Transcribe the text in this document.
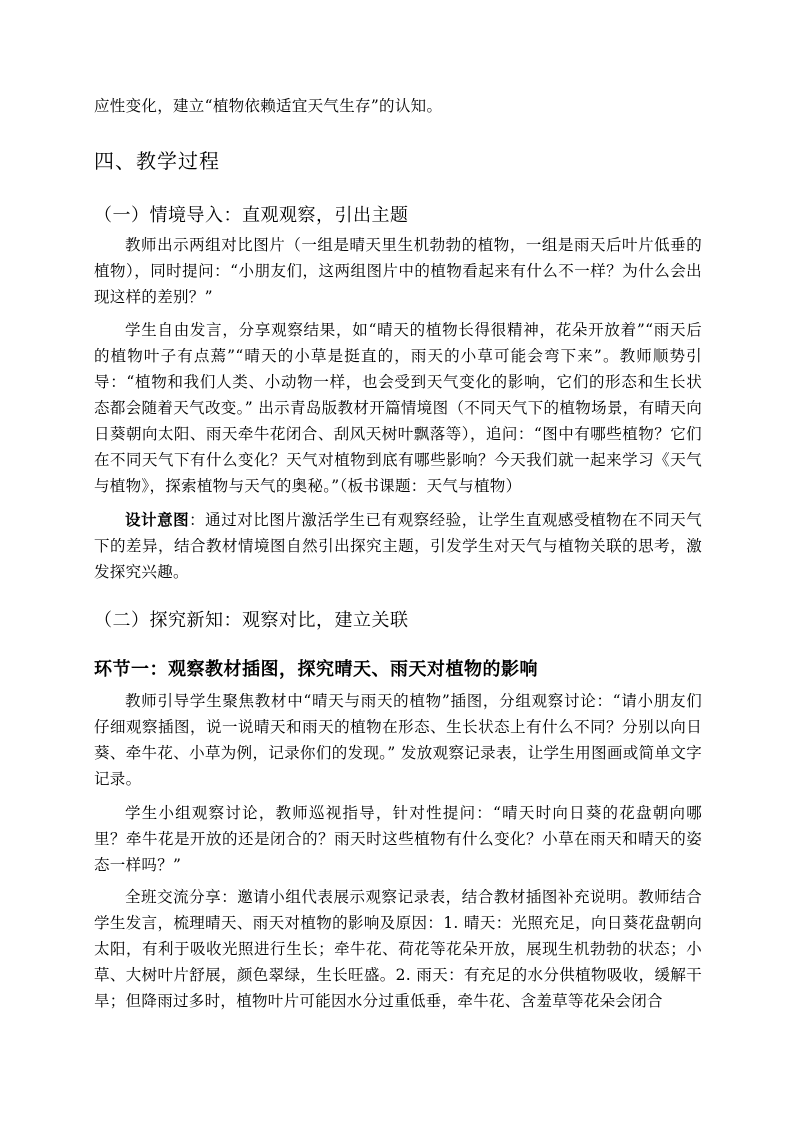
应性变化，建立“植物依赖适宜天气生存”的认知。

四、教学过程
（一）情境导入：直观观察，引出主题

教师出示两组对比图片（一组是晴天里生机勃勃的植物，一组是雨天后叶片低垂的植物），同时提问：“小朋友们，这两组图片中的植物看起来有什么不一样？为什么会出现这样的差别？”

学生自由发言，分享观察结果，如“晴天的植物长得很精神，花朵开放着”“雨天后的植物叶子有点蔫”“晴天的小草是挺直的，雨天的小草可能会弯下来”。教师顺势引导：“植物和我们人类、小动物一样，也会受到天气变化的影响，它们的形态和生长状态都会随着天气改变。” 出示青岛版教材开篇情境图（不同天气下的植物场景，有晴天向日葵朝向太阳、雨天牵牛花闭合、刮风天树叶飘落等），追问：“图中有哪些植物？它们在不同天气下有什么变化？天气对植物到底有哪些影响？今天我们就一起来学习《天气与植物》，探索植物与天气的奥秘。”（板书课题：天气与植物）

设计意图：通过对比图片激活学生已有观察经验，让学生直观感受植物在不同天气下的差异，结合教材情境图自然引出探究主题，引发学生对天气与植物关联的思考，激发探究兴趣。

（二）探究新知：观察对比，建立关联
环节一：观察教材插图，探究晴天、雨天对植物的影响

教师引导学生聚焦教材中“晴天与雨天的植物”插图，分组观察讨论：“请小朋友们仔细观察插图，说一说晴天和雨天的植物在形态、生长状态上有什么不同？分别以向日葵、牵牛花、小草为例，记录你们的发现。” 发放观察记录表，让学生用图画或简单文字记录。

学生小组观察讨论，教师巡视指导，针对性提问：“晴天时向日葵的花盘朝向哪里？牵牛花是开放的还是闭合的？雨天时这些植物有什么变化？小草在雨天和晴天的姿态一样吗？”

全班交流分享：邀请小组代表展示观察记录表，结合教材插图补充说明。教师结合学生发言，梳理晴天、雨天对植物的影响及原因：1. 晴天：光照充足，向日葵花盘朝向太阳，有利于吸收光照进行生长；牵牛花、荷花等花朵开放，展现生机勃勃的状态；小草、大树叶片舒展，颜色翠绿，生长旺盛。2. 雨天：有充足的水分供植物吸收，缓解干旱；但降雨过多时，植物叶片可能因水分过重低垂，牵牛花、含羞草等花朵会闭合
